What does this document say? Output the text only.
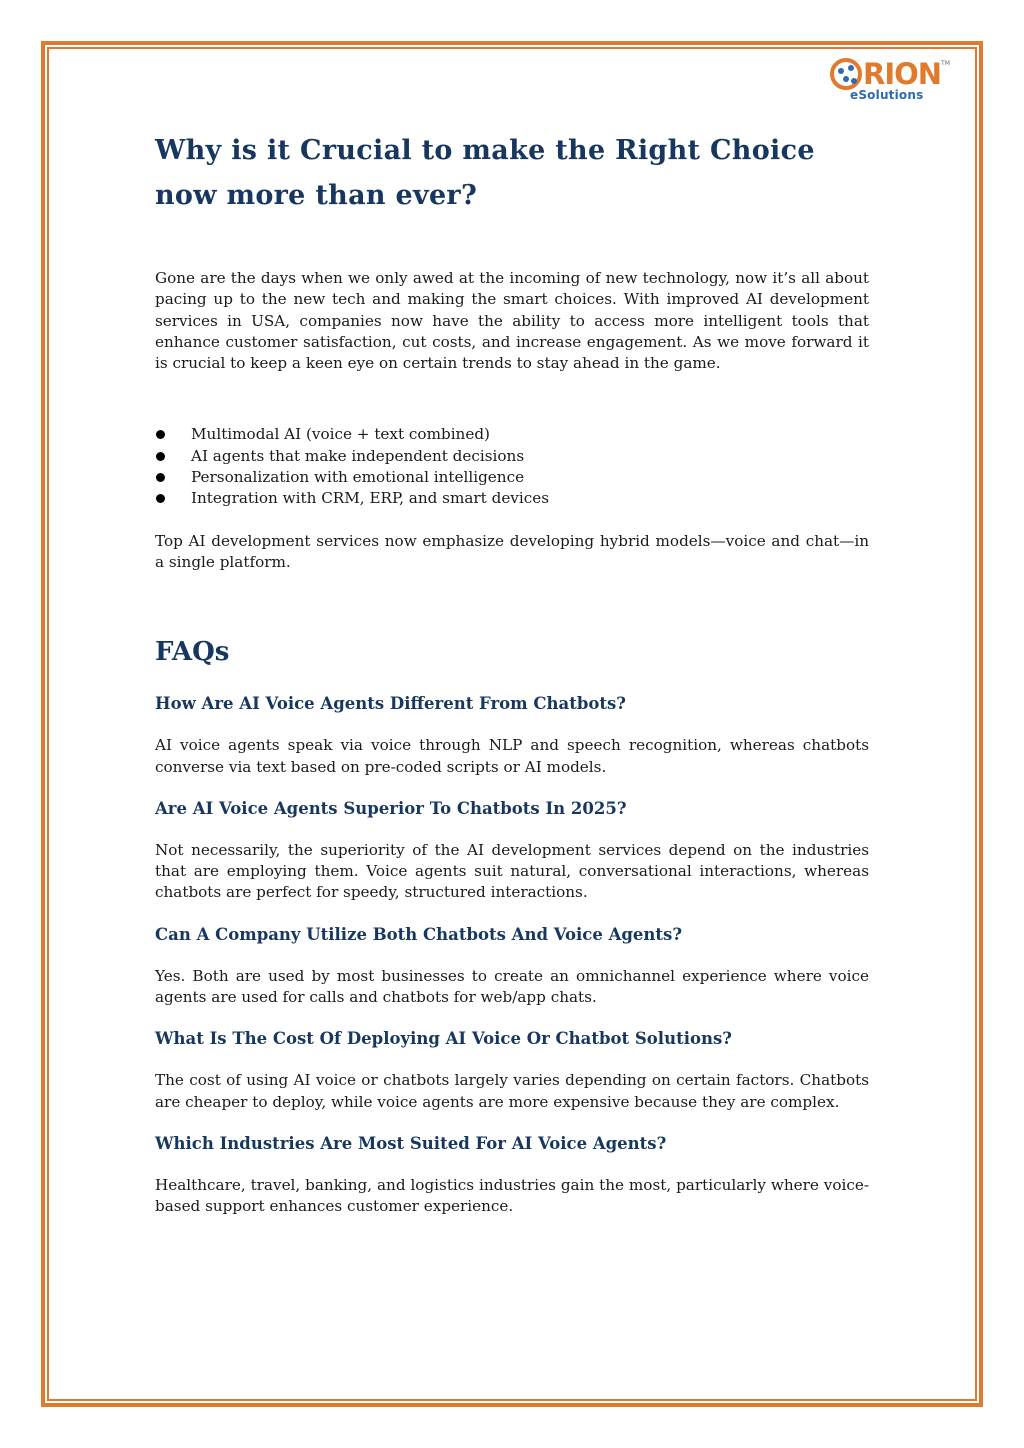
RION TM
eSolutions
Why is it Crucial to make the Right Choice now more than ever?

Gone are the days when we only awed at the incoming of new technology, now it’s all about pacing up to the new tech and making the smart choices. With improved AI development services in USA, companies now have the ability to access more intelligent tools that enhance customer satisfaction, cut costs, and increase engagement. As we move forward it is crucial to keep a keen eye on certain trends to stay ahead in the game.

Multimodal AI (voice + text combined)
AI agents that make independent decisions
Personalization with emotional intelligence
Integration with CRM, ERP, and smart devices

Top AI development services now emphasize developing hybrid models—voice and chat—in a single platform.

FAQs
How Are AI Voice Agents Different From Chatbots?

AI voice agents speak via voice through NLP and speech recognition, whereas chatbots converse via text based on pre-coded scripts or AI models.

Are AI Voice Agents Superior To Chatbots In 2025?

Not necessarily, the superiority of the AI development services depend on the industries that are employing them. Voice agents suit natural, conversational interactions, whereas chatbots are perfect for speedy, structured interactions.

Can A Company Utilize Both Chatbots And Voice Agents?

Yes. Both are used by most businesses to create an omnichannel experience where voice agents are used for calls and chatbots for web/app chats.

What Is The Cost Of Deploying AI Voice Or Chatbot Solutions?

The cost of using AI voice or chatbots largely varies depending on certain factors. Chatbots are cheaper to deploy, while voice agents are more expensive because they are complex.

Which Industries Are Most Suited For AI Voice Agents?

Healthcare, travel, banking, and logistics industries gain the most, particularly where voice-based support enhances customer experience.
